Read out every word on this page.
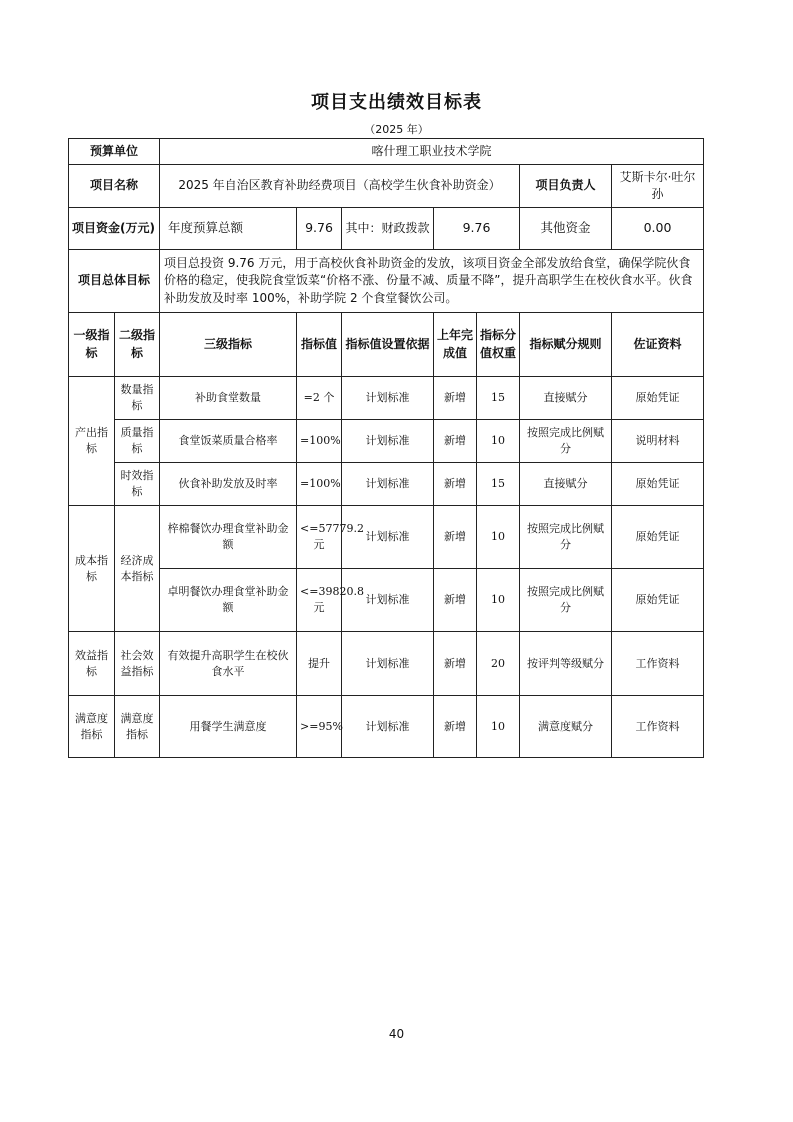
项目支出绩效目标表
（2025 年）
预算单位		喀什理工职业技术学院						
项目名称		2025 年自治区教育补助经费项目（高校学生伙食补助资金）					项目负责人	艾斯卡尔·吐尔孙
项目资金(万元)		年度预算总额	9.76	其中：财政拨款	9.76		其他资金	0.00
项目总体目标		项目总投资 9.76 万元，用于高校伙食补助资金的发放，该项目资金全部发放给食堂，确保学院伙食价格的稳定，使我院食堂饭菜“价格不涨、份量不减、质量不降”，提升高职学生在校伙食水平。伙食补助发放及时率 100%，补助学院 2 个食堂餐饮公司。						
一级指标	二级指标	三级指标	指标值	指标值设置依据	上年完成值	指标分值权重	指标赋分规则	佐证资料
产出指标	数量指标	补助食堂数量	=2 个	计划标准	新增	15	直接赋分	原始凭证
	质量指标	食堂饭菜质量合格率	=100%	计划标准	新增	10	按照完成比例赋分	说明材料
	时效指标	伙食补助发放及时率	=100%	计划标准	新增	15	直接赋分	原始凭证
成本指标	经济成本指标	梓棉餐饮办理食堂补助金额	<=57779.2 元	计划标准	新增	10	按照完成比例赋分	原始凭证
		卓明餐饮办理食堂补助金额	<=39820.8 元	计划标准	新增	10	按照完成比例赋分	原始凭证
效益指标	社会效益指标	有效提升高职学生在校伙食水平	提升	计划标准	新增	20	按评判等级赋分	工作资料
满意度指标	满意度指标	用餐学生满意度	>=95%	计划标准	新增	10	满意度赋分	工作资料
40
